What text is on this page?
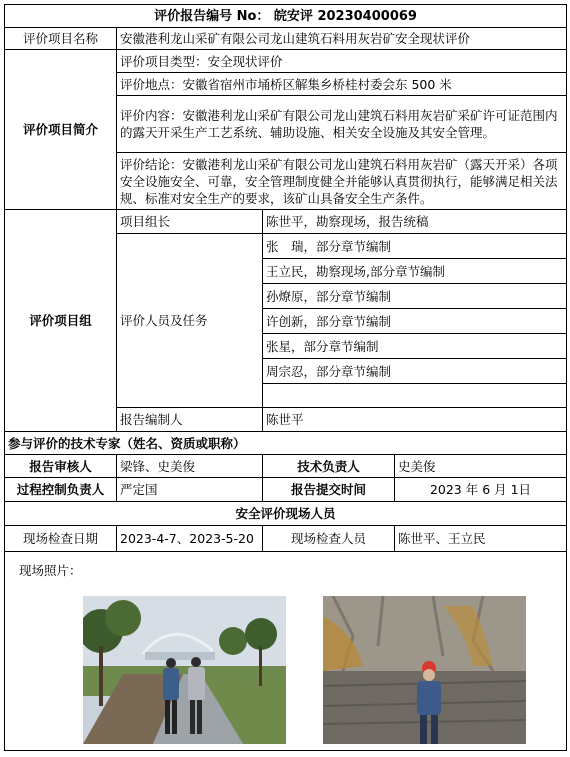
评价报告编号 No： 皖安评 20230400069			
评价项目名称	安徽港利龙山采矿有限公司龙山建筑石料用灰岩矿安全现状评价		
评价项目简介	评价项目类型：安全现状评价		
	评价地点：安徽省宿州市埇桥区解集乡桥桂村委会东 500 米		
	评价内容：安徽港利龙山采矿有限公司龙山建筑石料用灰岩矿采矿许可证范围内的露天开采生产工艺系统、辅助设施、相关安全设施及其安全管理。		
	评价结论：安徽港利龙山采矿有限公司龙山建筑石料用灰岩矿（露天开采）各项安全设施安全、可靠，安全管理制度健全并能够认真贯彻执行，能够满足相关法规、标准对安全生产的要求，该矿山具备安全生产条件。		
评价项目组	项目组长	陈世平，勘察现场，报告统稿	
	评价人员及任务	张　瑞，部分章节编制	
		王立民，勘察现场,部分章节编制	
		孙燎原，部分章节编制	
		许创新，部分章节编制	
		张星，部分章节编制	
		周宗忍，部分章节编制	

	报告编制人	陈世平	
参与评价的技术专家（姓名、资质或职称）			
报告审核人	梁锋、史美俊	技术负责人	史美俊
过程控制负责人	严定国	报告提交时间	2023 年 6 月 1日
安全评价现场人员			
现场检查日期	2023-4-7、2023-5-20	现场检查人员	陈世平、王立民

现场照片：			
